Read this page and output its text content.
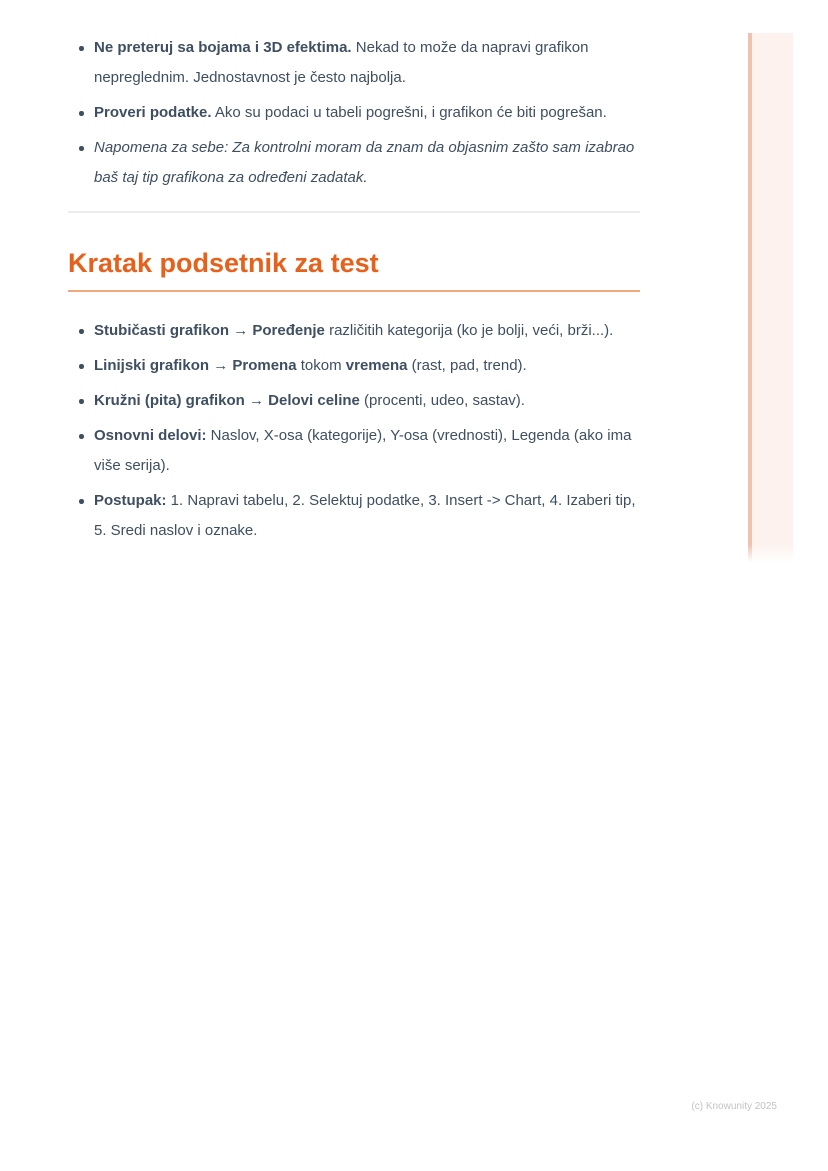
Ne preteruj sa bojama i 3D efektima. Nekad to može da napravi grafikon nepreglednim. Jednostavnost je često najbolja.
Proveri podatke. Ako su podaci u tabeli pogrešni, i grafikon će biti pogrešan.
Napomena za sebe: Za kontrolni moram da znam da objasnim zašto sam izabrao baš taj tip grafikona za određeni zadatak.
Kratak podsetnik za test
Stubičasti grafikon → Poređenje različitih kategorija (ko je bolji, veći, brži...).
Linijski grafikon → Promena tokom vremena (rast, pad, trend).
Kružni (pita) grafikon → Delovi celine (procenti, udeo, sastav).
Osnovni delovi: Naslov, X-osa (kategorije), Y-osa (vrednosti), Legenda (ako ima više serija).
Postupak: 1. Napravi tabelu, 2. Selektuj podatke, 3. Insert -> Chart, 4. Izaberi tip, 5. Sredi naslov i oznake.
(c) Knowunity 2025
